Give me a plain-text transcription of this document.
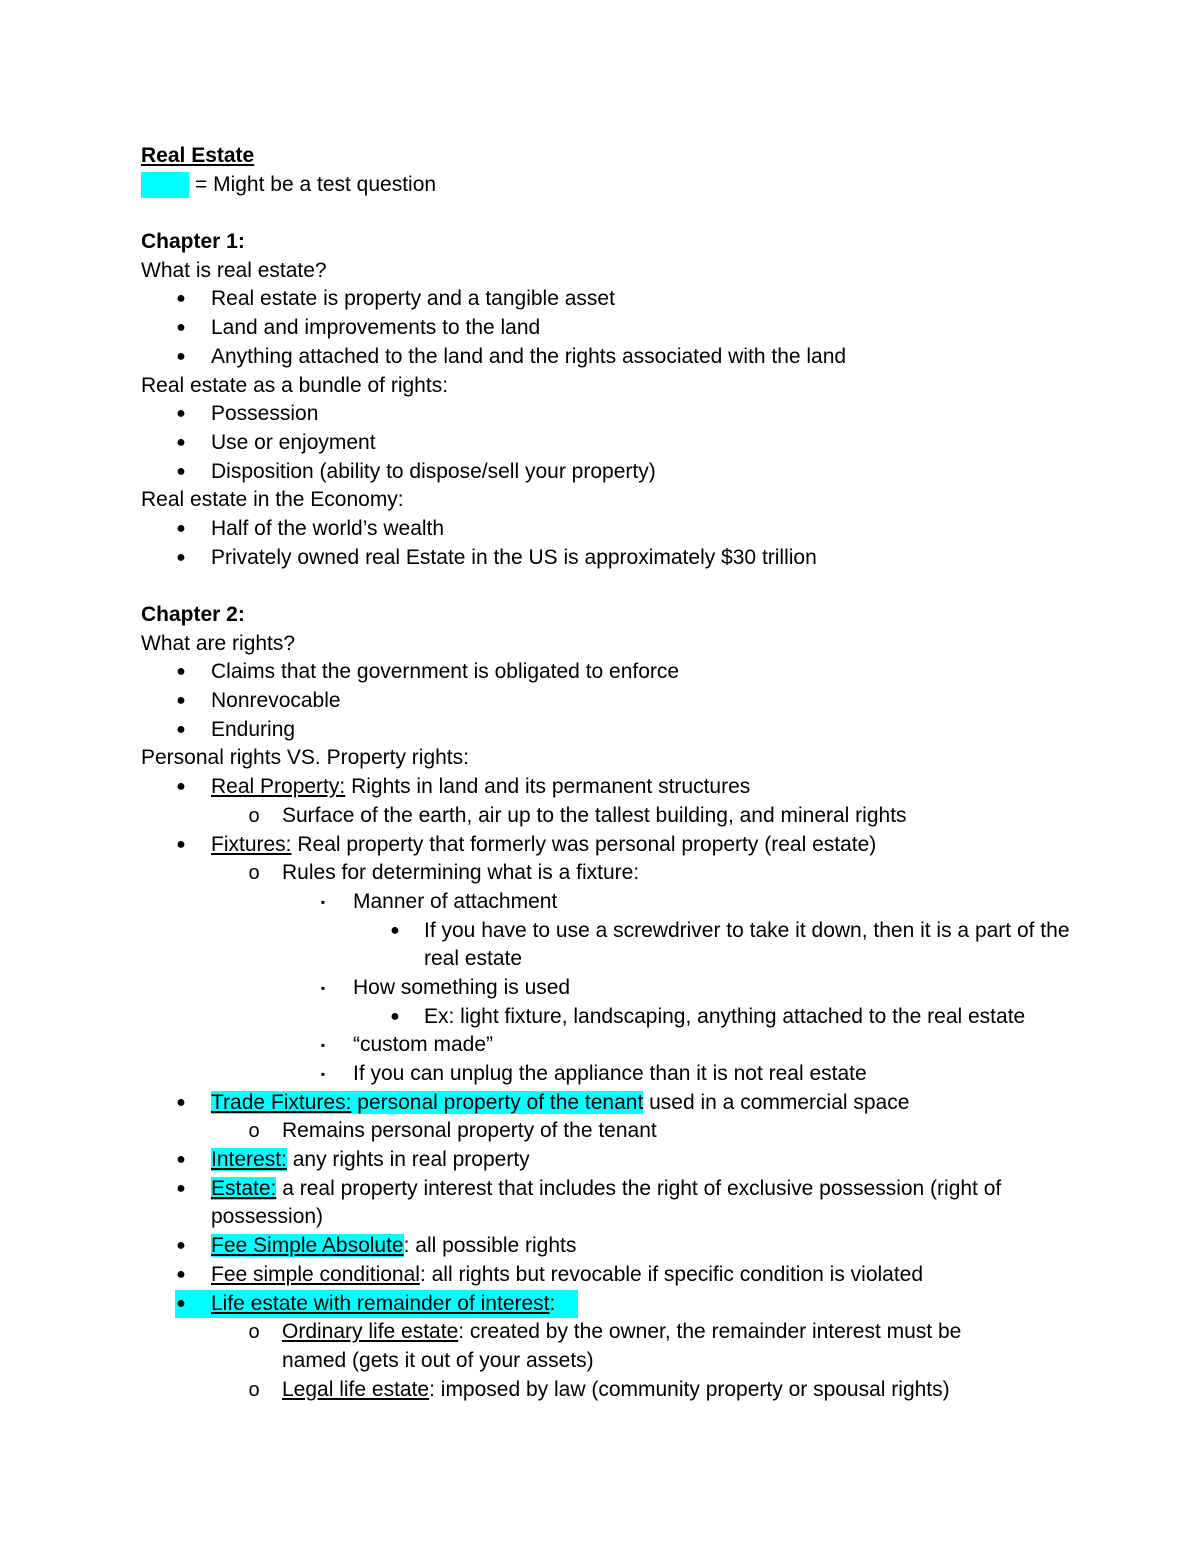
Real Estate
= Might be a test question
Chapter 1:
What is real estate?
● Real estate is property and a tangible asset
● Land and improvements to the land
● Anything attached to the land and the rights associated with the land
Real estate as a bundle of rights:
● Possession
● Use or enjoyment
● Disposition (ability to dispose/sell your property)
Real estate in the Economy:
● Half of the world’s wealth
● Privately owned real Estate in the US is approximately $30 trillion
Chapter 2:
What are rights?
● Claims that the government is obligated to enforce
● Nonrevocable
● Enduring
Personal rights VS. Property rights:
● Real Property: Rights in land and its permanent structures
o Surface of the earth, air up to the tallest building, and mineral rights
● Fixtures: Real property that formerly was personal property (real estate)
o Rules for determining what is a fixture:
▪	Manner of attachment
● If you have to use a screwdriver to take it down, then it is a part of the real estate
▪	How something is used
● Ex: light fixture, landscaping, anything attached to the real estate
▪	“custom made”
▪	If you can unplug the appliance than it is not real estate
● Trade Fixtures: personal property of the tenant used in a commercial space
o Remains personal property of the tenant
● Interest: any rights in real property
● Estate: a real property interest that includes the right of exclusive possession (right of possession)
● Fee Simple Absolute: all possible rights
● Fee simple conditional: all rights but revocable if specific condition is violated
● Life estate with remainder of interest:
o Ordinary life estate: created by the owner, the remainder interest must be named (gets it out of your assets)
o Legal life estate: imposed by law (community property or spousal rights)
